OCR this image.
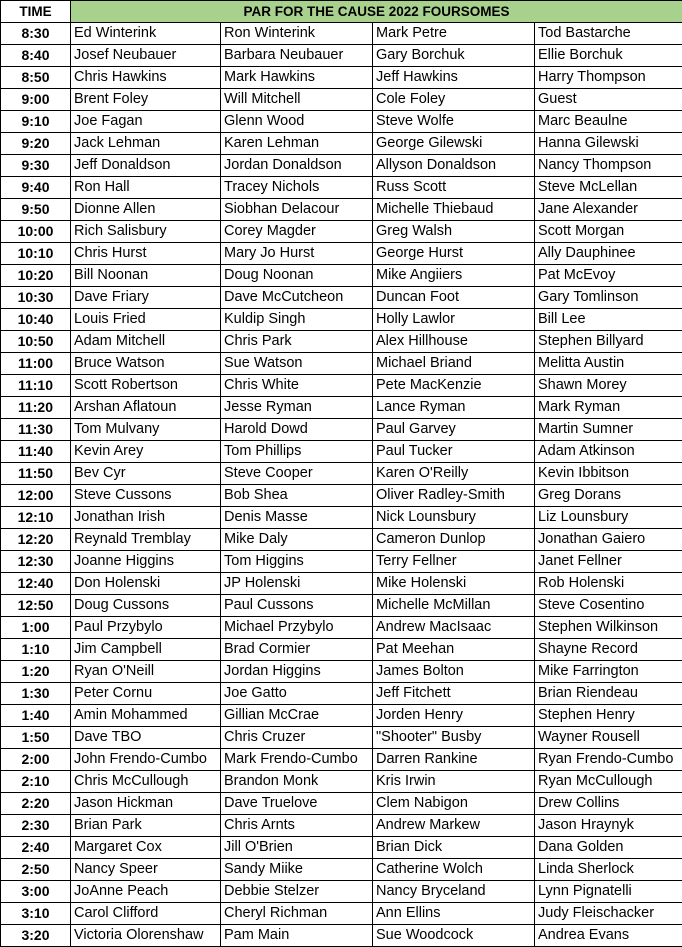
TIME	PAR FOR THE CAUSE 2022 FOURSOMES			
8:30	Ed Winterink	Ron Winterink	Mark Petre	Tod Bastarche
8:40	Josef Neubauer	Barbara Neubauer	Gary Borchuk	Ellie Borchuk
8:50	Chris Hawkins	Mark Hawkins	Jeff Hawkins	Harry Thompson
9:00	Brent Foley	Will Mitchell	Cole Foley	Guest
9:10	Joe Fagan	Glenn Wood	Steve Wolfe	Marc Beaulne
9:20	Jack Lehman	Karen Lehman	George Gilewski	Hanna Gilewski
9:30	Jeff Donaldson	Jordan Donaldson	Allyson Donaldson	Nancy Thompson
9:40	Ron Hall	Tracey Nichols	Russ Scott	Steve McLellan
9:50	Dionne Allen	Siobhan Delacour	Michelle Thiebaud	Jane Alexander
10:00	Rich Salisbury	Corey Magder	Greg Walsh	Scott Morgan
10:10	Chris Hurst	Mary Jo Hurst	George Hurst	Ally Dauphinee
10:20	Bill Noonan	Doug Noonan	Mike Angiiers	Pat McEvoy
10:30	Dave Friary	Dave McCutcheon	Duncan Foot	Gary Tomlinson
10:40	Louis Fried	Kuldip Singh	Holly Lawlor	Bill Lee
10:50	Adam Mitchell	Chris Park	Alex Hillhouse	Stephen Billyard
11:00	Bruce Watson	Sue Watson	Michael Briand	Melitta Austin
11:10	Scott Robertson	Chris White	Pete MacKenzie	Shawn Morey
11:20	Arshan Aflatoun	Jesse Ryman	Lance Ryman	Mark Ryman
11:30	Tom Mulvany	Harold Dowd	Paul Garvey	Martin Sumner
11:40	Kevin Arey	Tom Phillips	Paul Tucker	Adam Atkinson
11:50	Bev Cyr	Steve Cooper	Karen O'Reilly	Kevin Ibbitson
12:00	Steve Cussons	Bob Shea	Oliver Radley-Smith	Greg Dorans
12:10	Jonathan Irish	Denis Masse	Nick Lounsbury	Liz Lounsbury
12:20	Reynald Tremblay	Mike Daly	Cameron Dunlop	Jonathan Gaiero
12:30	Joanne Higgins	Tom Higgins	Terry Fellner	Janet Fellner
12:40	Don Holenski	JP Holenski	Mike Holenski	Rob Holenski
12:50	Doug Cussons	Paul Cussons	Michelle McMillan	Steve Cosentino
1:00	Paul Przybylo	Michael Przybylo	Andrew MacIsaac	Stephen Wilkinson
1:10	Jim Campbell	Brad Cormier	Pat Meehan	Shayne Record
1:20	Ryan O'Neill	Jordan Higgins	James Bolton	Mike Farrington
1:30	Peter Cornu	Joe Gatto	Jeff Fitchett	Brian Riendeau
1:40	Amin Mohammed	Gillian McCrae	Jorden Henry	Stephen Henry
1:50	Dave TBO	Chris Cruzer	"Shooter" Busby	Wayner Rousell
2:00	John Frendo-Cumbo	Mark Frendo-Cumbo	Darren Rankine	Ryan Frendo-Cumbo
2:10	Chris McCullough	Brandon Monk	Kris Irwin	Ryan McCullough
2:20	Jason Hickman	Dave Truelove	Clem Nabigon	Drew Collins
2:30	Brian Park	Chris Arnts	Andrew Markew	Jason Hraynyk
2:40	Margaret Cox	Jill O'Brien	Brian Dick	Dana Golden
2:50	Nancy Speer	Sandy Miike	Catherine Wolch	Linda Sherlock
3:00	JoAnne Peach	Debbie Stelzer	Nancy Bryceland	Lynn Pignatelli
3:10	Carol Clifford	Cheryl Richman	Ann Ellins	Judy Fleischacker
3:20	Victoria Olorenshaw	Pam Main	Sue Woodcock	Andrea Evans
